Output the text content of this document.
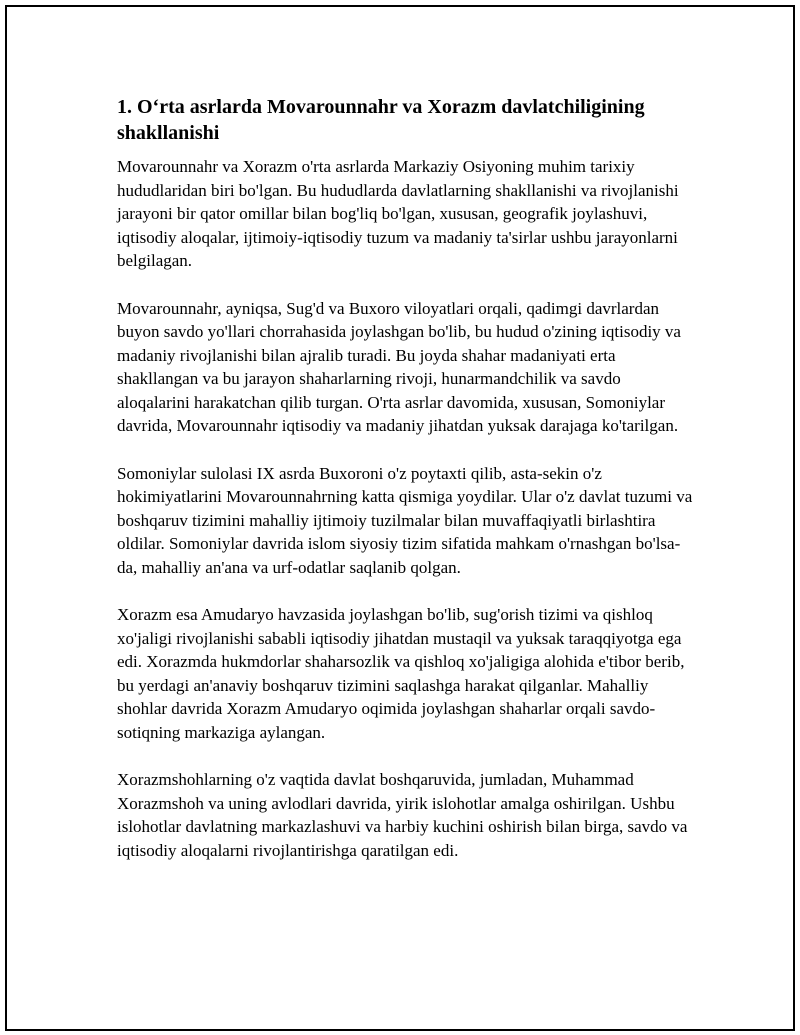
1. O‘rta asrlarda Movarounnahr va Xorazm davlatchiligining shakllanishi

Movarounnahr va Xorazm o'rta asrlarda Markaziy Osiyoning muhim tarixiy hududlaridan biri bo'lgan. Bu hududlarda davlatlarning shakllanishi va rivojlanishi jarayoni bir qator omillar bilan bog'liq bo'lgan, xususan, geografik joylashuvi, iqtisodiy aloqalar, ijtimoiy-iqtisodiy tuzum va madaniy ta'sirlar ushbu jarayonlarni belgilagan.

Movarounnahr, ayniqsa, Sug'd va Buxoro viloyatlari orqali, qadimgi davrlardan buyon savdo yo'llari chorrahasida joylashgan bo'lib, bu hudud o'zining iqtisodiy va madaniy rivojlanishi bilan ajralib turadi. Bu joyda shahar madaniyati erta shakllangan va bu jarayon shaharlarning rivoji, hunarmandchilik va savdo aloqalarini harakatchan qilib turgan. O'rta asrlar davomida, xususan, Somoniylar davrida, Movarounnahr iqtisodiy va madaniy jihatdan yuksak darajaga ko'tarilgan.

Somoniylar sulolasi IX asrda Buxoroni o'z poytaxti qilib, asta-sekin o'z hokimiyatlarini Movarounnahrning katta qismiga yoydilar. Ular o'z davlat tuzumi va boshqaruv tizimini mahalliy ijtimoiy tuzilmalar bilan muvaffaqiyatli birlashtira oldilar. Somoniylar davrida islom siyosiy tizim sifatida mahkam o'rnashgan bo'lsa-da, mahalliy an'ana va urf-odatlar saqlanib qolgan.

Xorazm esa Amudaryo havzasida joylashgan bo'lib, sug'orish tizimi va qishloq xo'jaligi rivojlanishi sababli iqtisodiy jihatdan mustaqil va yuksak taraqqiyotga ega edi. Xorazmda hukmdorlar shaharsozlik va qishloq xo'jaligiga alohida e'tibor berib, bu yerdagi an'anaviy boshqaruv tizimini saqlashga harakat qilganlar. Mahalliy shohlar davrida Xorazm Amudaryo oqimida joylashgan shaharlar orqali savdo-sotiqning markaziga aylangan.

Xorazmshohlarning o'z vaqtida davlat boshqaruvida, jumladan, Muhammad Xorazmshoh va uning avlodlari davrida, yirik islohotlar amalga oshirilgan. Ushbu islohotlar davlatning markazlashuvi va harbiy kuchini oshirish bilan birga, savdo va iqtisodiy aloqalarni rivojlantirishga qaratilgan edi.
